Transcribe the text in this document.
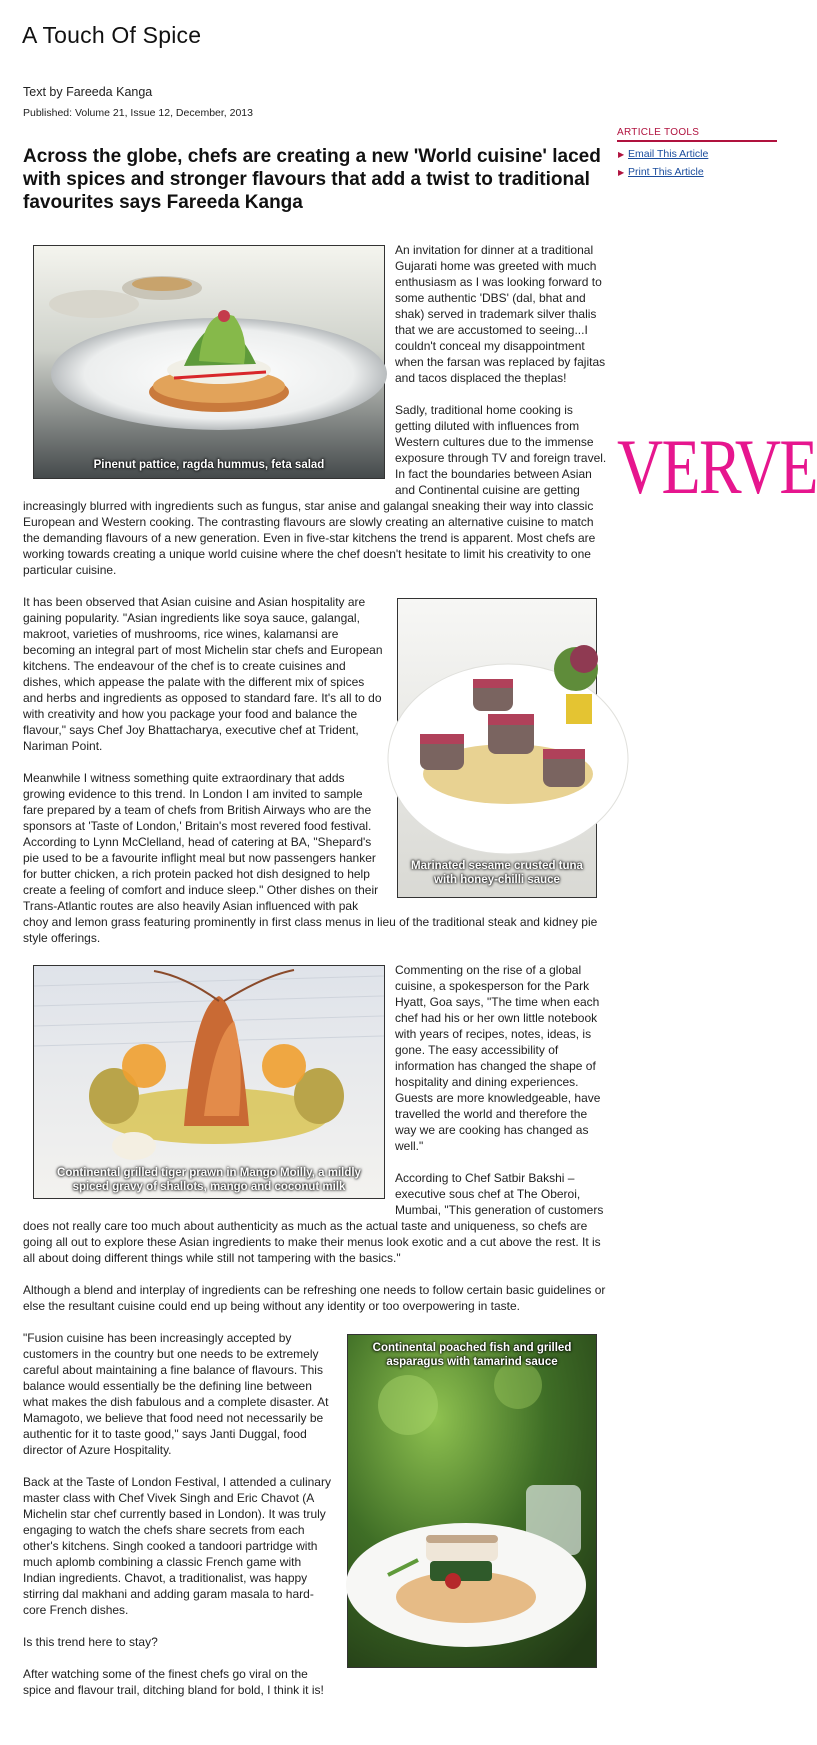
A Touch Of Spice
Text by Fareeda Kanga
Published: Volume 21, Issue 12, December, 2013
Across the globe, chefs are creating a new 'World cuisine' laced with spices and stronger flavours that add a twist to traditional favourites says Fareeda Kanga
Pinenut pattice, ragda hummus, feta salad

An invitation for dinner at a traditional Gujarati home was greeted with much enthusiasm as I was looking forward to some authentic 'DBS' (dal, bhat and shak) served in trademark silver thalis that we are accustomed to seeing...I couldn't conceal my disappointment when the farsan was replaced by fajitas and tacos displaced the theplas!

Sadly, traditional home cooking is getting diluted with influences from Western cultures due to the immense exposure through TV and foreign travel. In fact the boundaries between Asian and Continental cuisine are getting increasingly blurred with ingredients such as fungus, star anise and galangal sneaking their way into classic European and Western cooking. The contrasting flavours are slowly creating an alternative cuisine to match the demanding flavours of a new generation. Even in five-star kitchens the trend is apparent. Most chefs are working towards creating a unique world cuisine where the chef doesn't hesitate to limit his creativity to one particular cuisine.

Marinated sesame crusted tuna with honey-chilli sauce

It has been observed that Asian cuisine and Asian hospitality are gaining popularity. "Asian ingredients like soya sauce, galangal, makroot, varieties of mushrooms, rice wines, kalamansi are becoming an integral part of most Michelin star chefs and European kitchens. The endeavour of the chef is to create cuisines and dishes, which appease the palate with the different mix of spices and herbs and ingredients as opposed to standard fare. It's all to do with creativity and how you package your food and balance the flavour," says Chef Joy Bhattacharya, executive chef at Trident, Nariman Point.

Meanwhile I witness something quite extraordinary that adds growing evidence to this trend. In London I am invited to sample fare prepared by a team of chefs from British Airways who are the sponsors at 'Taste of London,' Britain's most revered food festival. According to Lynn McClelland, head of catering at BA, "Shepard's pie used to be a favourite inflight meal but now passengers hanker for butter chicken, a rich protein packed hot dish designed to help create a feeling of comfort and induce sleep." Other dishes on their Trans-Atlantic routes are also heavily Asian influenced with pak choy and lemon grass featuring prominently in first class menus in lieu of the traditional steak and kidney pie style offerings.

Continental grilled tiger prawn in Mango Moilly, a mildly spiced gravy of shallots, mango and coconut milk

Commenting on the rise of a global cuisine, a spokesperson for the Park Hyatt, Goa says, "The time when each chef had his or her own little notebook with years of recipes, notes, ideas, is gone. The easy accessibility of information has changed the shape of hospitality and dining experiences. Guests are more knowledgeable, have travelled the world and therefore the way we are cooking has changed as well."

According to Chef Satbir Bakshi – executive sous chef at The Oberoi, Mumbai, "This generation of customers does not really care too much about authenticity as much as the actual taste and uniqueness, so chefs are going all out to explore these Asian ingredients to make their menus look exotic and a cut above the rest. It is all about doing different things while still not tampering with the basics."

Although a blend and interplay of ingredients can be refreshing one needs to follow certain basic guidelines or else the resultant cuisine could end up being without any identity or too overpowering in taste.

Continental poached fish and grilled asparagus with tamarind sauce

"Fusion cuisine has been increasingly accepted by customers in the country but one needs to be extremely careful about maintaining a fine balance of flavours. This balance would essentially be the defining line between what makes the dish fabulous and a complete disaster. At Mamagoto, we believe that food need not necessarily be authentic for it to taste good," says Janti Duggal, food director of Azure Hospitality.

Back at the Taste of London Festival, I attended a culinary master class with Chef Vivek Singh and Eric Chavot (A Michelin star chef currently based in London). It was truly engaging to watch the chefs share secrets from each other's kitchens. Singh cooked a tandoori partridge with much aplomb combining a classic French game with Indian ingredients. Chavot, a traditionalist, was happy stirring dal makhani and adding garam masala to hard-core French dishes.

Is this trend here to stay?

After watching some of the finest chefs go viral on the spice and flavour trail, ditching bland for bold, I think it is!

ARTICLE TOOLS
▶ Email This Article
▶ Print This Article
VERVE
